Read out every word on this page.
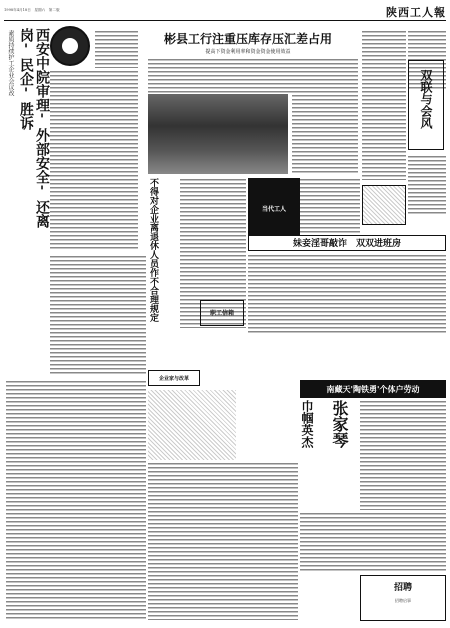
1998年4月18日　星期六　第二版	陕西工人報
素质持续护工企业会议改	西安中院审理'外部安全'还离岗'民企'胜诉	彬县工行注重压库存压汇差占用
提高下资金利用率和资金资金使用效益
双联与会风
不得对企业离退休人员作不合理规定	当代工人
妹妾淫哥敲诈　双双进班房
职工信箱
企业家与改革
南藏天'陶铁勇'个体户劳动
巾帼英杰 张家琴
招聘
招聘启事
